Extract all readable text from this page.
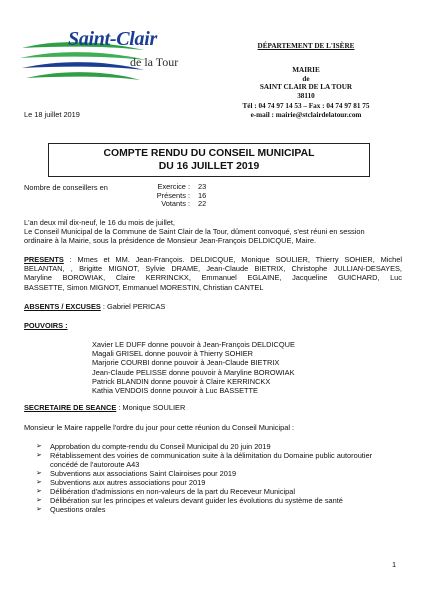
Saint-Clair
de la Tour
DÉPARTEMENT DE L'ISÈRE
MAIRIE
de
SAINT CLAIR DE LA TOUR
38110
Tél : 04 74 97 14 53 – Fax : 04 74 97 81 75
e-mail : mairie@stclairdelatour.com
Le 18 juillet 2019
COMPTE RENDU DU CONSEIL MUNICIPAL
DU 16 JUILLET 2019
Nombre de conseillers en	Exercice :	23
Présents :	16
Votants :	22
L'an deux mil dix-neuf, le 16 du mois de juillet,
Le Conseil Municipal de la Commune de Saint Clair de la Tour, dûment convoqué, s'est réuni en session
ordinaire à la Mairie, sous la présidence de Monsieur Jean-François DELDICQUE, Maire.
PRESENTS : Mmes et MM. Jean-François. DELDICQUE, Monique SOULIER, Thierry SOHIER, Michel
BELANTAN, , Brigitte MIGNOT, Sylvie DRAME, Jean-Claude BIETRIX, Christophe JULLIAN-DESAYES,
Maryline BOROWIAK, Claire KERRINCKX, Emmanuel EGLAINE, Jacqueline GUICHARD, Luc
BASSETTE, Simon MIGNOT, Emmanuel MORESTIN, Christian CANTEL
ABSENTS / EXCUSES : Gabriel PERICAS
POUVOIRS :
Xavier LE DUFF donne pouvoir à Jean-François DELDICQUE
Magali GRISEL donne pouvoir à Thierry SOHIER
Marjorie COURBI donne pouvoir à Jean-Claude BIETRIX
Jean-Claude PELISSE donne pouvoir à Maryline BOROWIAK
Patrick BLANDIN donne pouvoir à Claire KERRINCKX
Kathia VENDOIS donne pouvoir à Luc BASSETTE
SECRETAIRE DE SEANCE : Monique SOULIER
Monsieur le Maire rappelle l'ordre du jour pour cette réunion du Conseil Municipal :
➢ Approbation du compte-rendu du Conseil Municipal du 20 juin 2019
➢ Rétablissement des voiries de communication suite à la délimitation du Domaine public autoroutier
concédé de l'autoroute A43
➢ Subventions aux associations Saint Clairoises pour 2019
➢ Subventions aux autres associations pour 2019
➢ Délibération d'admissions en non-valeurs de la part du Receveur Municipal
➢ Délibération sur les principes et valeurs devant guider les évolutions du système de santé
➢ Questions orales
1
